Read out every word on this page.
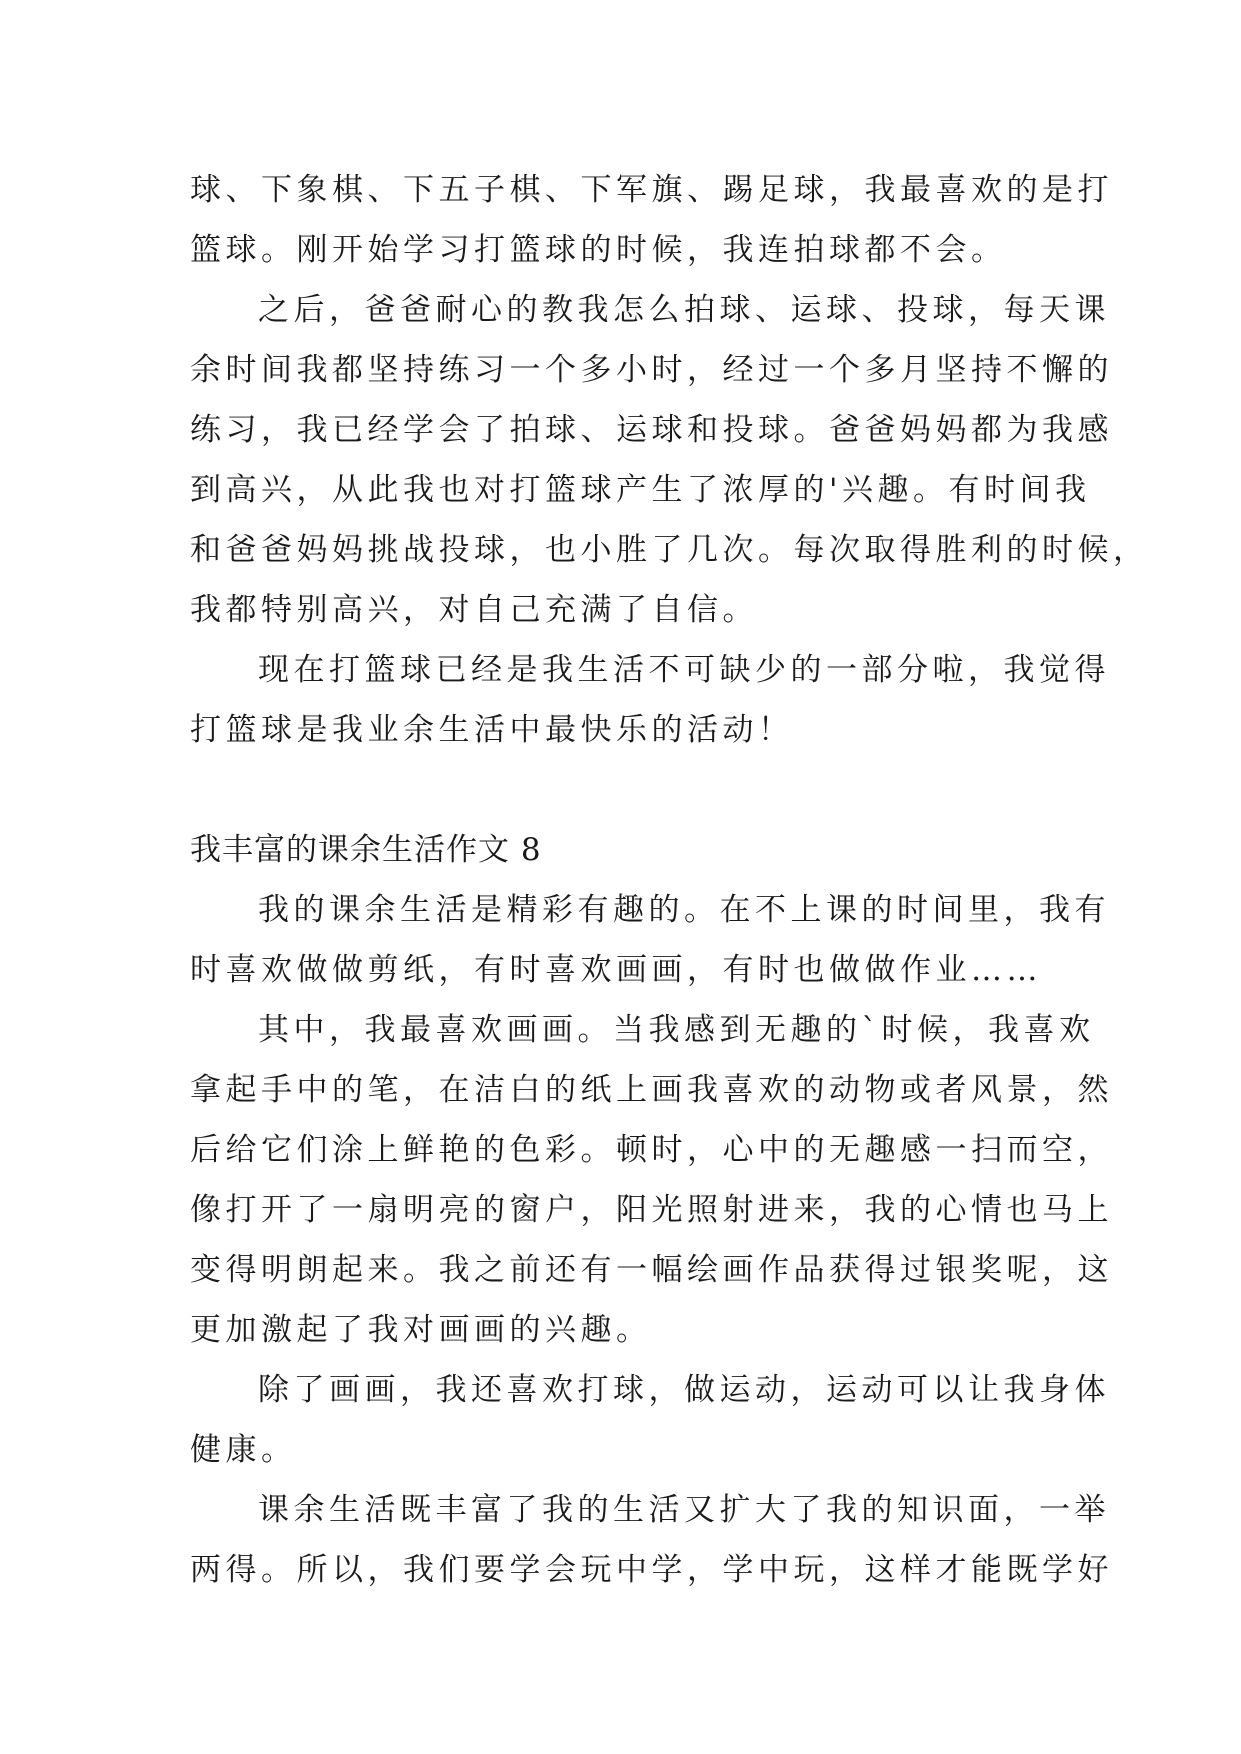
球、下象棋、下五子棋、下军旗、踢足球，我最喜欢的是打
篮球。刚开始学习打篮球的时候，我连拍球都不会。
之后，爸爸耐心的教我怎么拍球、运球、投球，每天课
余时间我都坚持练习一个多小时，经过一个多月坚持不懈的
练习，我已经学会了拍球、运球和投球。爸爸妈妈都为我感
到高兴，从此我也对打篮球产生了浓厚的'兴趣。有时间我
和爸爸妈妈挑战投球，也小胜了几次。每次取得胜利的时候，
我都特别高兴，对自己充满了自信。
现在打篮球已经是我生活不可缺少的一部分啦，我觉得
打篮球是我业余生活中最快乐的活动！
我丰富的课余生活作文 8
我的课余生活是精彩有趣的。在不上课的时间里，我有
时喜欢做做剪纸，有时喜欢画画，有时也做做作业……
其中，我最喜欢画画。当我感到无趣的`时候，我喜欢
拿起手中的笔，在洁白的纸上画我喜欢的动物或者风景，然
后给它们涂上鲜艳的色彩。顿时，心中的无趣感一扫而空，
像打开了一扇明亮的窗户，阳光照射进来，我的心情也马上
变得明朗起来。我之前还有一幅绘画作品获得过银奖呢，这
更加激起了我对画画的兴趣。
除了画画，我还喜欢打球，做运动，运动可以让我身体
健康。
课余生活既丰富了我的生活又扩大了我的知识面，一举
两得。所以，我们要学会玩中学，学中玩，这样才能既学好
